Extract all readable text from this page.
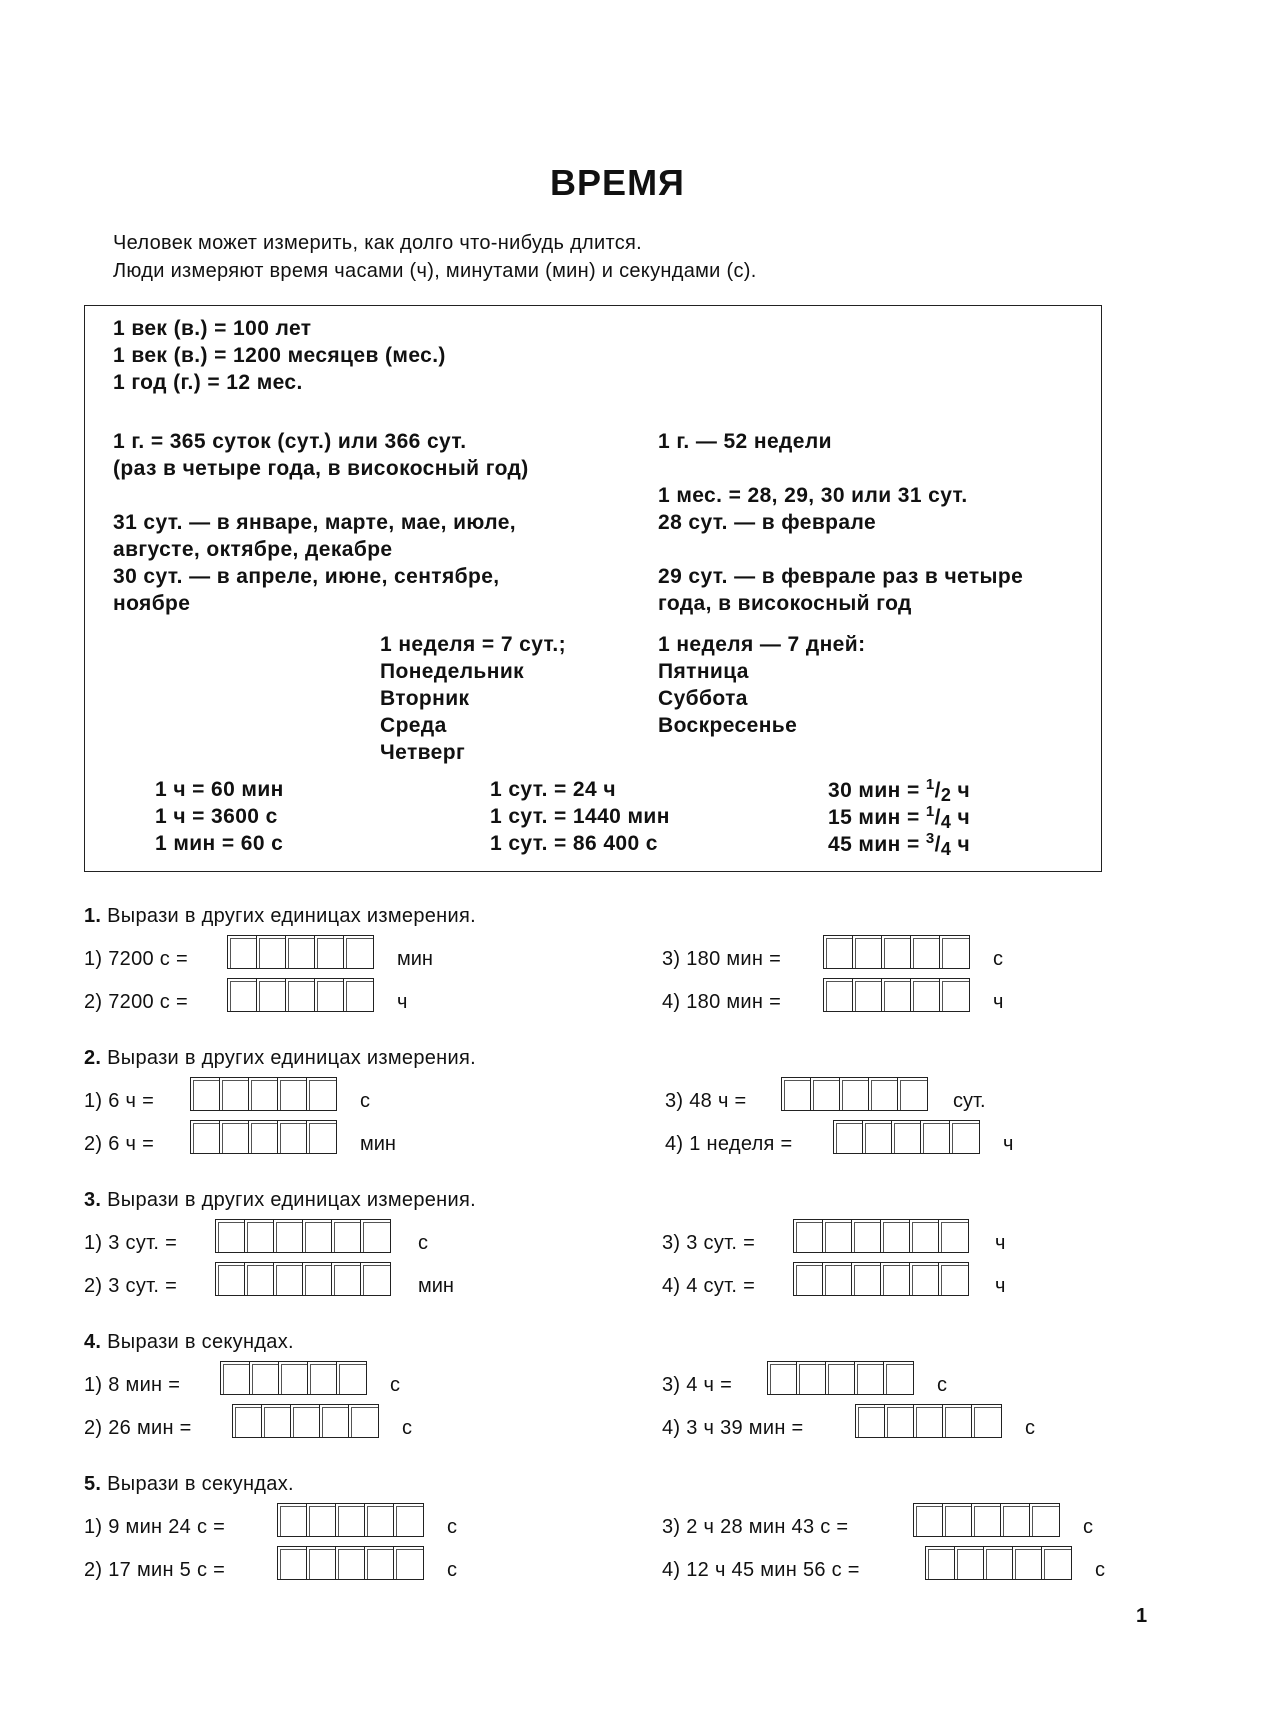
ВРЕМЯ
Человек может измерить, как долго что-нибудь длится.
Люди измеряют время часами (ч), минутами (мин) и секундами (с).
1 век (в.) = 100 лет
1 век (в.) = 1200 месяцев (мес.)
1 год (г.) = 12 мес.
1 г. = 365 суток (сут.) или 366 сут.
(раз в четыре года, в високосный год)
31 сут. — в январе, марте, мае, июле,
августе, октябре, декабре
30 сут. — в апреле, июне, сентябре,
ноябре
1 г. — 52 недели
1 мес. = 28, 29, 30 или 31 сут.
28 сут. — в феврале
29 сут. — в феврале раз в четыре
года, в високосный год
1 неделя = 7 сут.;
Понедельник
Вторник
Среда
Четверг
1 неделя — 7 дней:
Пятница
Суббота
Воскресенье
1 ч = 60 мин
1 ч = 3600 с
1 мин = 60 с
1 сут. = 24 ч
1 сут. = 1440 мин
1 сут. = 86 400 с
30 мин = $^1/_2$ ч
15 мин = $^1/_4$ ч
45 мин = $^3/_4$ ч
1. Вырази в других единицах измерения.
1) 7200 с =	мин
2) 7200 с =	ч
3) 180 мин =	с
4) 180 мин =	ч
2. Вырази в других единицах измерения.
1) 6 ч =	с
2) 6 ч =	мин
3) 48 ч =	сут.
4) 1 неделя =	ч
3. Вырази в других единицах измерения.
1) 3 сут. =	с
2) 3 сут. =	мин
3) 3 сут. =	ч
4) 4 сут. =	ч
4. Вырази в секундах.
1) 8 мин =	с
2) 26 мин =	с
3) 4 ч =	с
4) 3 ч 39 мин =	с
5. Вырази в секундах.
1) 9 мин 24 с =	с
2) 17 мин 5 с =	с
3) 2 ч 28 мин 43 с =	с
4) 12 ч 45 мин 56 с =	с
1
